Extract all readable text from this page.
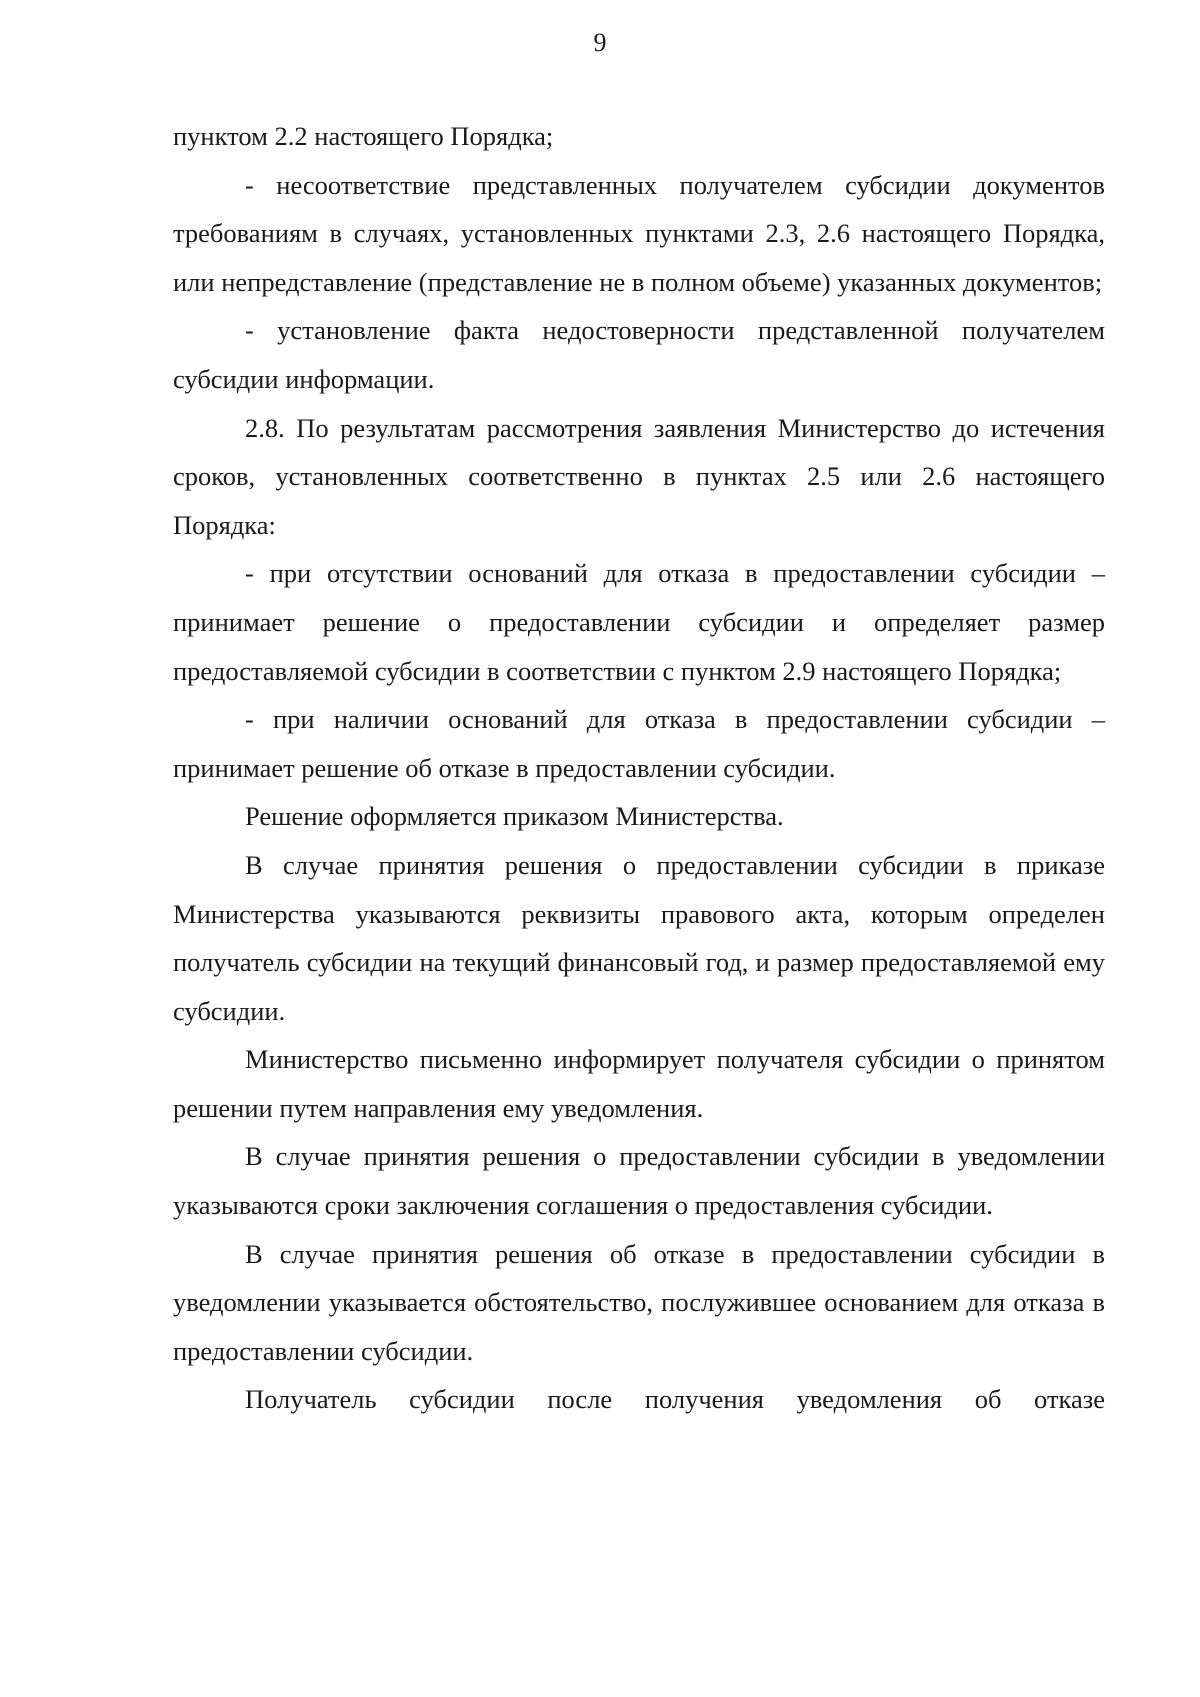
9

пунктом 2.2 настоящего Порядка;

- несоответствие представленных получателем субсидии документов требованиям в случаях, установленных пунктами 2.3, 2.6 настоящего Порядка, или непредставление (представление не в полном объеме) указанных документов;

- установление факта недостоверности представленной получателем субсидии информации.

2.8. По результатам рассмотрения заявления Министерство до истечения сроков, установленных соответственно в пунктах 2.5 или 2.6 настоящего Порядка:

- при отсутствии оснований для отказа в предоставлении субсидии – принимает решение о предоставлении субсидии и определяет размер предоставляемой субсидии в соответствии с пунктом 2.9 настоящего Порядка;

- при наличии оснований для отказа в предоставлении субсидии – принимает решение об отказе в предоставлении субсидии.

Решение оформляется приказом Министерства.

В случае принятия решения о предоставлении субсидии в приказе Министерства указываются реквизиты правового акта, которым определен получатель субсидии на текущий финансовый год, и размер предоставляемой ему субсидии.

Министерство письменно информирует получателя субсидии о принятом решении путем направления ему уведомления.

В случае принятия решения о предоставлении субсидии в уведомлении указываются сроки заключения соглашения о предоставления субсидии.

В случае принятия решения об отказе в предоставлении субсидии в уведомлении указывается обстоятельство, послужившее основанием для отказа в предоставлении субсидии.

Получатель субсидии после получения уведомления об отказе
